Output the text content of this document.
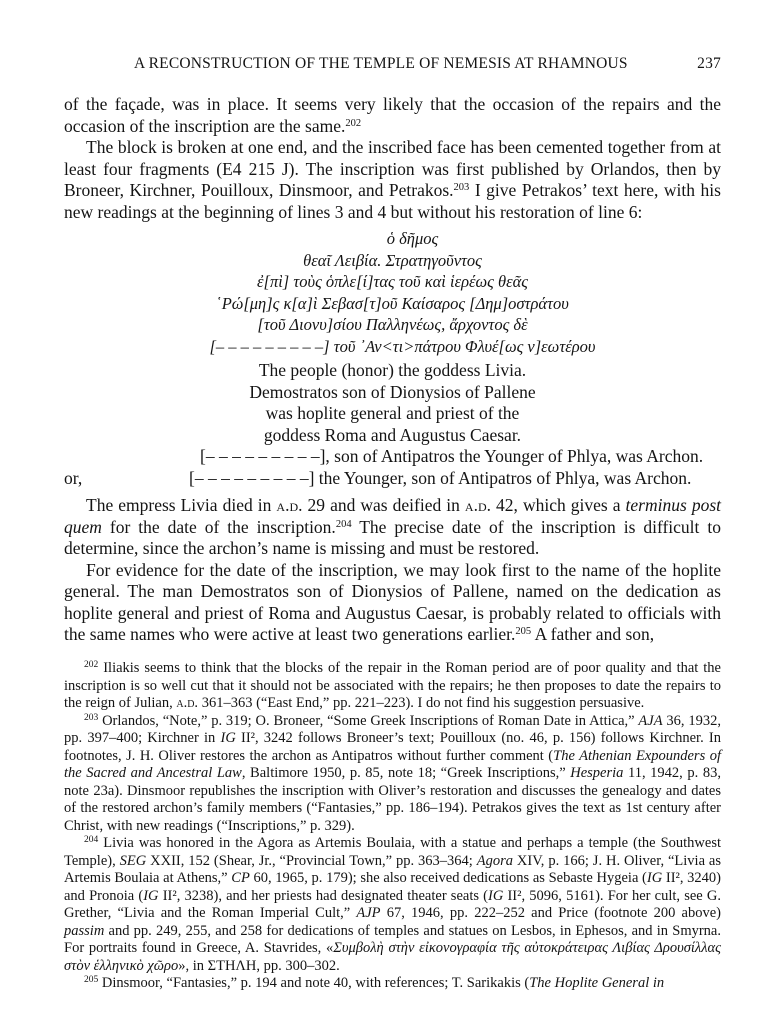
A RECONSTRUCTION OF THE TEMPLE OF NEMESIS AT RHAMNOUS	237

of the façade, was in place. It seems very likely that the occasion of the repairs and the occasion of the inscription are the same.$^{202}$

The block is broken at one end, and the inscribed face has been cemented together from at least four fragments (E4 215 J). The inscription was first published by Orlandos, then by Broneer, Kirchner, Pouilloux, Dinsmoor, and Petrakos.$^{203}$ I give Petrakos’ text here, with his new readings at the beginning of lines 3 and 4 but without his restoration of line 6:

ὁ δῆμος
θεαῖ Λειβία. Στρατηγοῦντος
ἐ[πὶ] τοὺς ὁπλε[ί]τας τοῦ καὶ ἱερέως θεᾶς
῾Ρώ[μη]ς κ[α]ὶ Σεβασ[τ]οῦ Καίσαρος [Δημ]οστράτου
[τοῦ Διονυ]σίου Παλληνέως, ἄρχοντος δὲ
[– – – – – – – – –] τοῦ ᾿Αν<τι>πάτρου Φλυέ[ως ν]εωτέρου
The people (honor) the goddess Livia.
Demostratos son of Dionysios of Pallene
was hoplite general and priest of the
goddess Roma and Augustus Caesar.
[– – – – – – – – –], son of Antipatros the Younger of Phlya, was Archon.
or,	[– – – – – – – – –] the Younger, son of Antipatros of Phlya, was Archon.

The empress Livia died in a.d. 29 and was deified in a.d. 42, which gives a terminus post quem for the date of the inscription.$^{204}$ The precise date of the inscription is difficult to determine, since the archon’s name is missing and must be restored.

For evidence for the date of the inscription, we may look first to the name of the hoplite general. The man Demostratos son of Dionysios of Pallene, named on the dedication as hoplite general and priest of Roma and Augustus Caesar, is probably related to officials with the same names who were active at least two generations earlier.$^{205}$ A father and son,

$^{202}$ Iliakis seems to think that the blocks of the repair in the Roman period are of poor quality and that the inscription is so well cut that it should not be associated with the repairs; he then proposes to date the repairs to the reign of Julian, a.d. 361–363 (“East End,” pp. 221–223). I do not find his suggestion persuasive.

$^{203}$ Orlandos, “Note,” p. 319; O. Broneer, “Some Greek Inscriptions of Roman Date in Attica,” AJA 36, 1932, pp. 397–400; Kirchner in IG II², 3242 follows Broneer’s text; Pouilloux (no. 46, p. 156) follows Kirchner. In footnotes, J. H. Oliver restores the archon as Antipatros without further comment (The Athenian Expounders of the Sacred and Ancestral Law, Baltimore 1950, p. 85, note 18; “Greek Inscriptions,” Hesperia 11, 1942, p. 83, note 23a). Dinsmoor republishes the inscription with Oliver’s restoration and discusses the genealogy and dates of the restored archon’s family members (“Fantasies,” pp. 186–194). Petrakos gives the text as 1st century after Christ, with new readings (“Inscriptions,” p. 329).

$^{204}$ Livia was honored in the Agora as Artemis Boulaia, with a statue and perhaps a temple (the Southwest Temple), SEG XXII, 152 (Shear, Jr., “Provincial Town,” pp. 363–364; Agora XIV, p. 166; J. H. Oliver, “Livia as Artemis Boulaia at Athens,” CP 60, 1965, p. 179); she also received dedications as Sebaste Hygeia (IG II², 3240) and Pronoia (IG II², 3238), and her priests had designated theater seats (IG II², 5096, 5161). For her cult, see G. Grether, “Livia and the Roman Imperial Cult,” AJP 67, 1946, pp. 222–252 and Price (footnote 200 above) passim and pp. 249, 255, and 258 for dedications of temples and statues on Lesbos, in Ephesos, and in Smyrna. For portraits found in Greece, A. Stavrides, «Συμβολὴ στὴν εἰκονογραφία τῆς αὐτοκράτειρας Λιβίας Δρουσίλλας στὸν ἑλληνικὸ χῶρο», in ΣΤΗΛΗ, pp. 300–302.

$^{205}$ Dinsmoor, “Fantasies,” p. 194 and note 40, with references; T. Sarikakis (The Hoplite General in
